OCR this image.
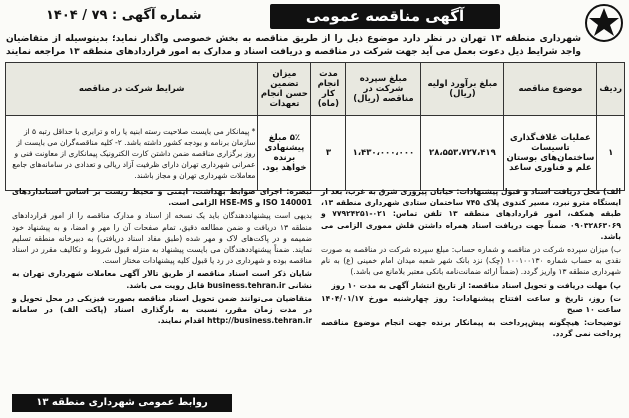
شماره آگهی : ۷۹ / ۱۴۰۴	آگهی مناقصه عمومی
شهرداری منطقه ۱۳ تهران در نظر دارد موضوع ذیل را از طریق مناقصه به بخش خصوصی واگذار نماید؛ بدینوسیله از متقاضیان واجد شرایط ذیل دعوت بعمل می آید جهت شرکت در مناقصه و دریافت اسناد و مدارک به امور قراردادهای منطقه ۱۳ مراجعه نمایند
ردیف	موضوع مناقصه	مبلغ برآورد اولیه (ریال)	مبلغ سپرده شرکت در مناقصه (ریال)	مدت انجام کار (ماه)	میزان تضمین حسن انجام تعهدات	شرایط شرکت در مناقصه
۱	عملیات غلاف‌گذاری تاسیسات ساختمان‌های بوستان علم و فناوری ساعد	۲۸،۵۵۳،۷۲۷،۴۱۹	۱،۴۳۰،۰۰۰،۰۰۰	۳	۵٪ مبلغ پیشنهادی برنده خواهد بود.	* پیمانکار می بایست صلاحیت رسته ابنیه یا راه و ترابری با حداقل رتبه ۵ از سازمان برنامه و بودجه کشور داشته باشد. ۲- کلیه مناقصه‌گران می بایست از روز برگزاری مناقصه ضمن داشتن کارت الکترونیک پیمانکاری از معاونت فنی و عمرانی شهرداری تهران دارای ظرفیت آزاد ریالی و تعدادی در سامانه‌های جامع معاملات شهرداری تهران و مجاز باشند.

الف) محل دریافت اسناد و قبول پیشنهادات: خیابان پیروزی شرق به غرب، بعد از ایستگاه مترو نبرد، مسیر کندوی پلاک ۷۴۵ ساختمان ستادی شهرداری منطقه ۱۳، طبقه همکف، امور قراردادهای منطقه ۱۳ تلفن تماس: ۰۲۱-۷۷۹۲۴۲۵۱ و ۰۹۰۳۲۸۶۳۰۶۹ ضمناً جهت دریافت اسناد همراه داشتن فلش مموری الزامی می باشد.

ب) میزان سپرده شرکت در مناقصه و شماره حساب: مبلغ سپرده شرکت در مناقصه به صورت نقدی به حساب شماره ۱۰۰۱۰۰۱۳۰ (چک) نزد بانک شهر شعبه میدان امام خمینی (ع) به نام شهرداری منطقه ۱۳ واریز گردد. (ضمناً ارائه ضمانت‌نامه بانکی معتبر بلامانع می باشد.)

پ) مهلت دریافت و تحویل اسناد مناقصه: از تاریخ انتشار آگهی به مدت ۱۰ روز

ت) روز، تاریخ و ساعت افتتاح پیشنهادات: روز چهارشنبه مورخ ۱۴۰۴/۰۱/۱۷ ساعت ۱۰ صبح

توضیحات: هیچگونه پیش‌پرداخت به پیمانکار برنده جهت انجام موضوع مناقصه پرداخت نمی گردد.

تبصره: اجرای ضوابط بهداشت، ایمنی و محیط زیست بر اساس استانداردهای ISO 140001 و HSE-MS الزامی است.

بدیهی است پیشنهاددهندگان باید یک نسخه از اسناد و مدارک مناقصه را از امور قراردادهای منطقه ۱۳ دریافت و ضمن مطالعه دقیق، تمام صفحات آن را مهر و امضا، و به پیشنهاد خود ضمیمه و در پاکت‌های لاک و مهر شده (طبق مفاد اسناد دریافتی) به دبیرخانه منطقه تسلیم نمایند. ضمناً پیشنهاددهندگان می بایست پیشنهاد به منزله قبول شروط و تکالیف مقرر در اسناد مناقصه بوده و شهرداری در رد یا قبول کلیه پیشنهادات مختار است.

شایان ذکر است اسناد مناقصه از طریق تالار آگهی معاملات شهرداری تهران به نشانی business.tehran.ir قابل رویت می باشد.

متقاضیان می‌توانند ضمن تحویل اسناد مناقصه بصورت فیزیکی در محل تحویل و در مدت زمان مقرر، نسبت به بارگذاری اسناد (پاکت الف) در سامانه http://business.tehran.ir اقدام نمایند.

روابط عمومی شهرداری منطقه ۱۳
